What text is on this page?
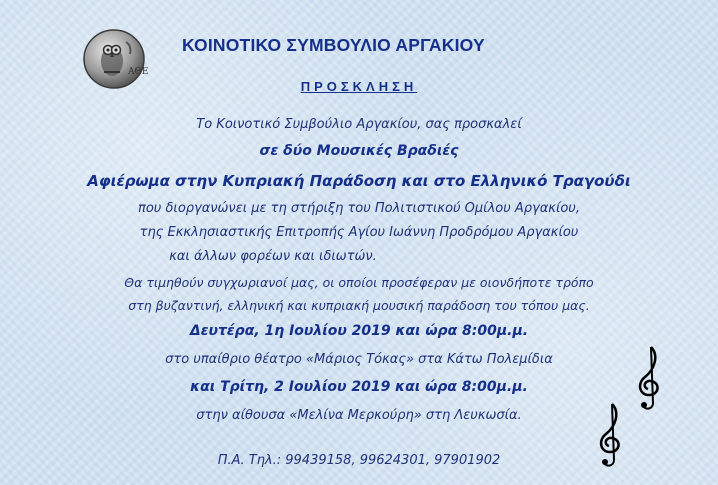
ΑΘΕ
ΚΟΙΝΟΤΙΚΟ ΣΥΜΒΟΥΛΙΟ ΑΡΓΑΚΙΟΥ
ΠΡΟΣΚΛΗΣΗ
Το Κοινοτικό Συμβούλιο Αργακίου, σας προσκαλεί
σε δύο Μουσικές Βραδιές
Αφιέρωμα στην Κυπριακή Παράδοση και στο Ελληνικό Τραγούδι
που διοργανώνει με τη στήριξη του Πολιτιστικού Ομίλου Αργακίου,
της Εκκλησιαστικής Επιτροπής Αγίου Ιωάννη Προδρόμου Αργακίου
και άλλων φορέων και ιδιωτών.
Θα τιμηθούν συγχωριανοί μας, οι οποίοι προσέφεραν με οιονδήποτε τρόπο
στη βυζαντινή, ελληνική και κυπριακή μουσική παράδοση του τόπου μας.
Δευτέρα, 1η Ιουλίου 2019 και ώρα 8:00μ.μ.
στο υπαίθριο θέατρο «Μάριος Τόκας» στα Κάτω Πολεμίδια
και Τρίτη, 2 Ιουλίου 2019 και ώρα 8:00μ.μ.
στην αίθουσα «Μελίνα Μερκούρη» στη Λευκωσία.
Π.Α. Τηλ.: 99439158, 99624301, 97901902
